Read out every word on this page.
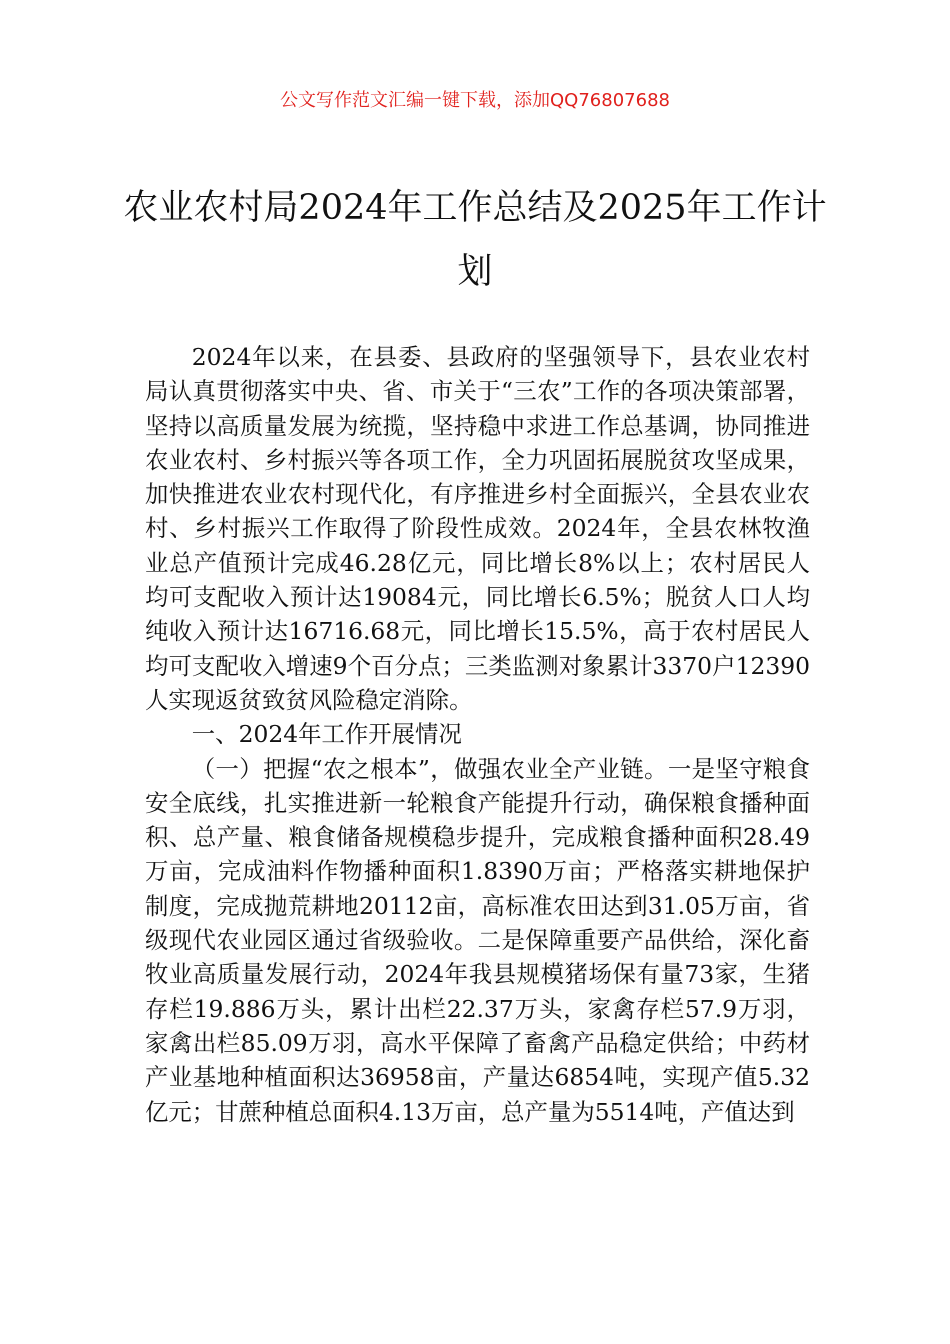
公文写作范文汇编一键下载，添加QQ76807688
农业农村局2024年工作总结及2025年工作计划

2024年以来，在县委、县政府的坚强领导下，县农业农村局认真贯彻落实中央、省、市关于“三农”工作的各项决策部署，坚持以高质量发展为统揽，坚持稳中求进工作总基调，协同推进农业农村、乡村振兴等各项工作，全力巩固拓展脱贫攻坚成果，加快推进农业农村现代化，有序推进乡村全面振兴，全县农业农村、乡村振兴工作取得了阶段性成效。2024年，全县农林牧渔业总产值预计完成46.28亿元，同比增长8%以上；农村居民人均可支配收入预计达19084元，同比增长6.5%；脱贫人口人均纯收入预计达16716.68元，同比增长15.5%，高于农村居民人均可支配收入增速9个百分点；三类监测对象累计3370户12390人实现返贫致贫风险稳定消除。

一、2024年工作开展情况

（一）把握“农之根本”，做强农业全产业链。一是坚守粮食安全底线，扎实推进新一轮粮食产能提升行动，确保粮食播种面积、总产量、粮食储备规模稳步提升，完成粮食播种面积28.49万亩，完成油料作物播种面积1.8390万亩；严格落实耕地保护制度，完成抛荒耕地20112亩，高标准农田达到31.05万亩，省级现代农业园区通过省级验收。二是保障重要产品供给，深化畜牧业高质量发展行动，2024年我县规模猪场保有量73家，生猪存栏19.886万头，累计出栏22.37万头，家禽存栏57.9万羽，家禽出栏85.09万羽，高水平保障了畜禽产品稳定供给；中药材产业基地种植面积达36958亩，产量达6854吨，实现产值5.32亿元；甘蔗种植总面积4.13万亩，总产量为5514吨，产值达到
